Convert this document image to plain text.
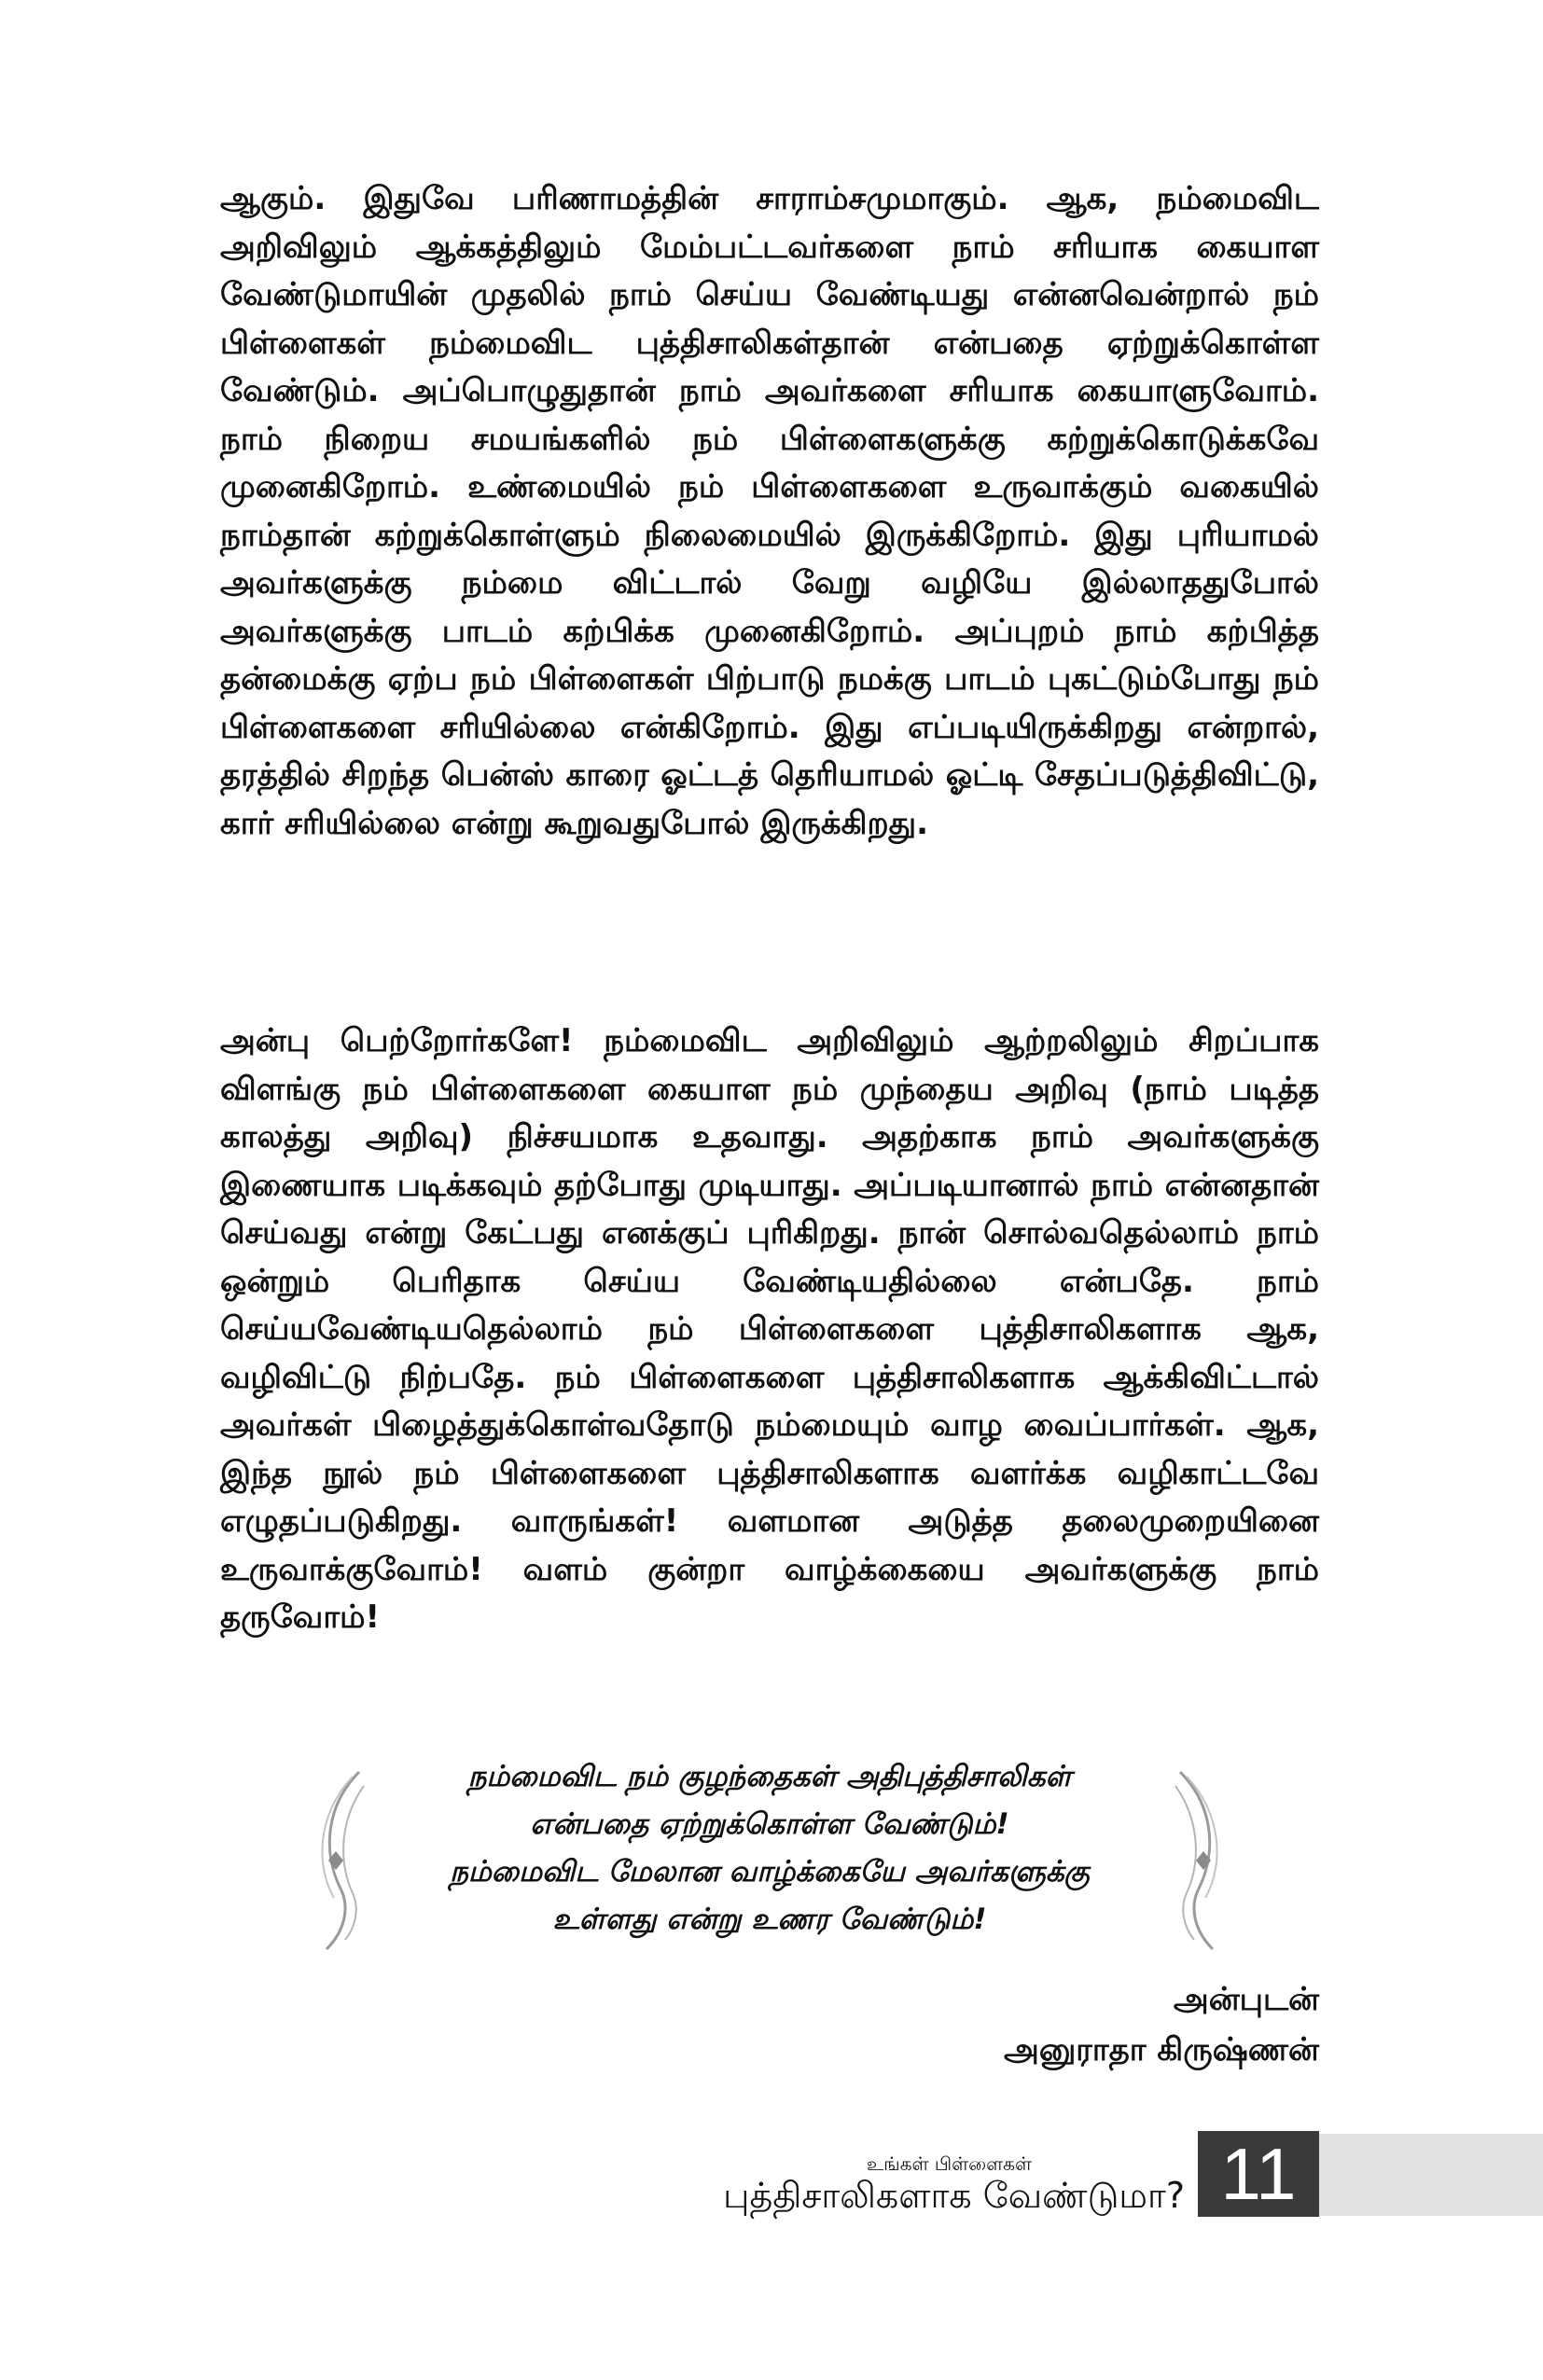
ஆகும். இதுவே பரிணாமத்தின் சாராம்சமுமாகும். ஆக, நம்மைவிட அறிவிலும் ஆக்கத்திலும் மேம்பட்டவர்களை நாம் சரியாக கையாள வேண்டுமாயின் முதலில் நாம் செய்ய வேண்டியது என்னவென்றால் நம் பிள்ளைகள் நம்மைவிட புத்திசாலிகள்தான் என்பதை ஏற்றுக்கொள்ள வேண்டும். அப்பொழுதுதான் நாம் அவர்களை சரியாக கையாளுவோம். நாம் நிறைய சமயங்களில் நம் பிள்ளைகளுக்கு கற்றுக்கொடுக்கவே முனைகிறோம். உண்மையில் நம் பிள்ளைகளை உருவாக்கும் வகையில் நாம்தான் கற்றுக்கொள்ளும் நிலைமையில் இருக்கிறோம். இது புரியாமல் அவர்களுக்கு நம்மை விட்டால் வேறு வழியே இல்லாததுபோல் அவர்களுக்கு பாடம் கற்பிக்க முனைகிறோம். அப்புறம் நாம் கற்பித்த தன்மைக்கு ஏற்ப நம் பிள்ளைகள் பிற்பாடு நமக்கு பாடம் புகட்டும்போது நம் பிள்ளைகளை சரியில்லை என்கிறோம். இது எப்படியிருக்கிறது என்றால், தரத்தில் சிறந்த பென்ஸ் காரை ஓட்டத் தெரியாமல் ஓட்டி சேதப்படுத்திவிட்டு, கார் சரியில்லை என்று கூறுவதுபோல் இருக்கிறது.

அன்பு பெற்றோர்களே! நம்மைவிட அறிவிலும் ஆற்றலிலும் சிறப்பாக விளங்கு நம் பிள்ளைகளை கையாள நம் முந்தைய அறிவு (நாம் படித்த காலத்து அறிவு) நிச்சயமாக உதவாது. அதற்காக நாம் அவர்களுக்கு இணையாக படிக்கவும் தற்போது முடியாது. அப்படியானால் நாம் என்னதான் செய்வது என்று கேட்பது எனக்குப் புரிகிறது. நான் சொல்வதெல்லாம் நாம் ஒன்றும் பெரிதாக செய்ய வேண்டியதில்லை என்பதே. நாம் செய்யவேண்டியதெல்லாம் நம் பிள்ளைகளை புத்திசாலிகளாக ஆக, வழிவிட்டு நிற்பதே. நம் பிள்ளைகளை புத்திசாலிகளாக ஆக்கிவிட்டால் அவர்கள் பிழைத்துக்கொள்வதோடு நம்மையும் வாழ வைப்பார்கள். ஆக, இந்த நூல் நம் பிள்ளைகளை புத்திசாலிகளாக வளர்க்க வழிகாட்டவே எழுதப்படுகிறது. வாருங்கள்! வளமான அடுத்த தலைமுறையினை உருவாக்குவோம்! வளம் குன்றா வாழ்க்கையை அவர்களுக்கு நாம் தருவோம்!

நம்மைவிட நம் குழந்தைகள் அதிபுத்திசாலிகள்
என்பதை ஏற்றுக்கொள்ள வேண்டும்!
நம்மைவிட மேலான வாழ்க்கையே அவர்களுக்கு
உள்ளது என்று உணர வேண்டும்!
அன்புடன்
அனுராதா கிருஷ்ணன்
உங்கள் பிள்ளைகள்
புத்திசாலிகளாக வேண்டுமா? 11
